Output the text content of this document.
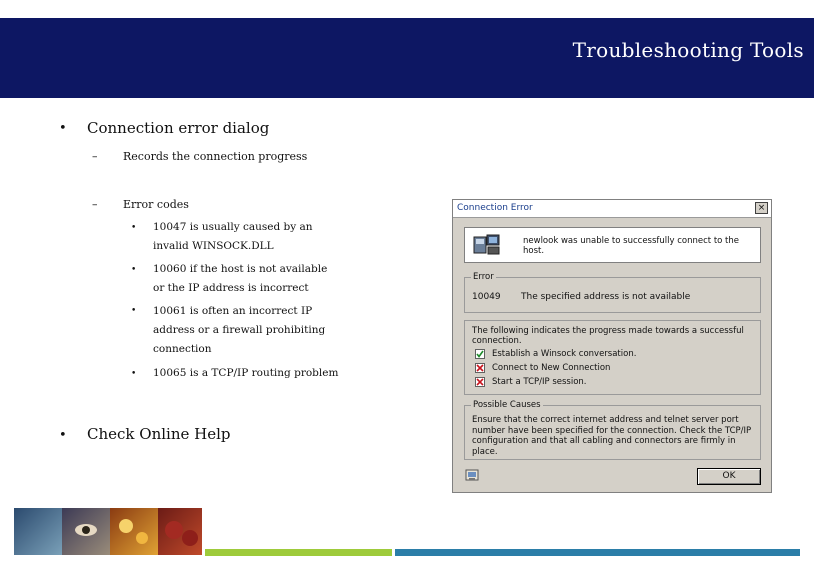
Troubleshooting Tools
• Connection error dialog
– Records the connection progress
– Error codes
• 10047 is usually caused by an
invalid WINSOCK.DLL
• 10060 if the host is not available
or the IP address is incorrect
• 10061 is often an incorrect IP
address or a firewall prohibiting
connection
• 10065 is a TCP/IP routing problem
• Check Online Help
Connection Error	×
newlook was unable to successfully connect to the host.
Error
10049 The specified address is not available
The following indicates the progress made towards a successful connection.
Establish a Winsock conversation.
Connect to New Connection
Start a TCP/IP session.
Possible Causes
Ensure that the correct internet address and telnet server port number have been specified for the connection. Check the TCP/IP configuration and that all cabling and connectors are firmly in place.
OK
